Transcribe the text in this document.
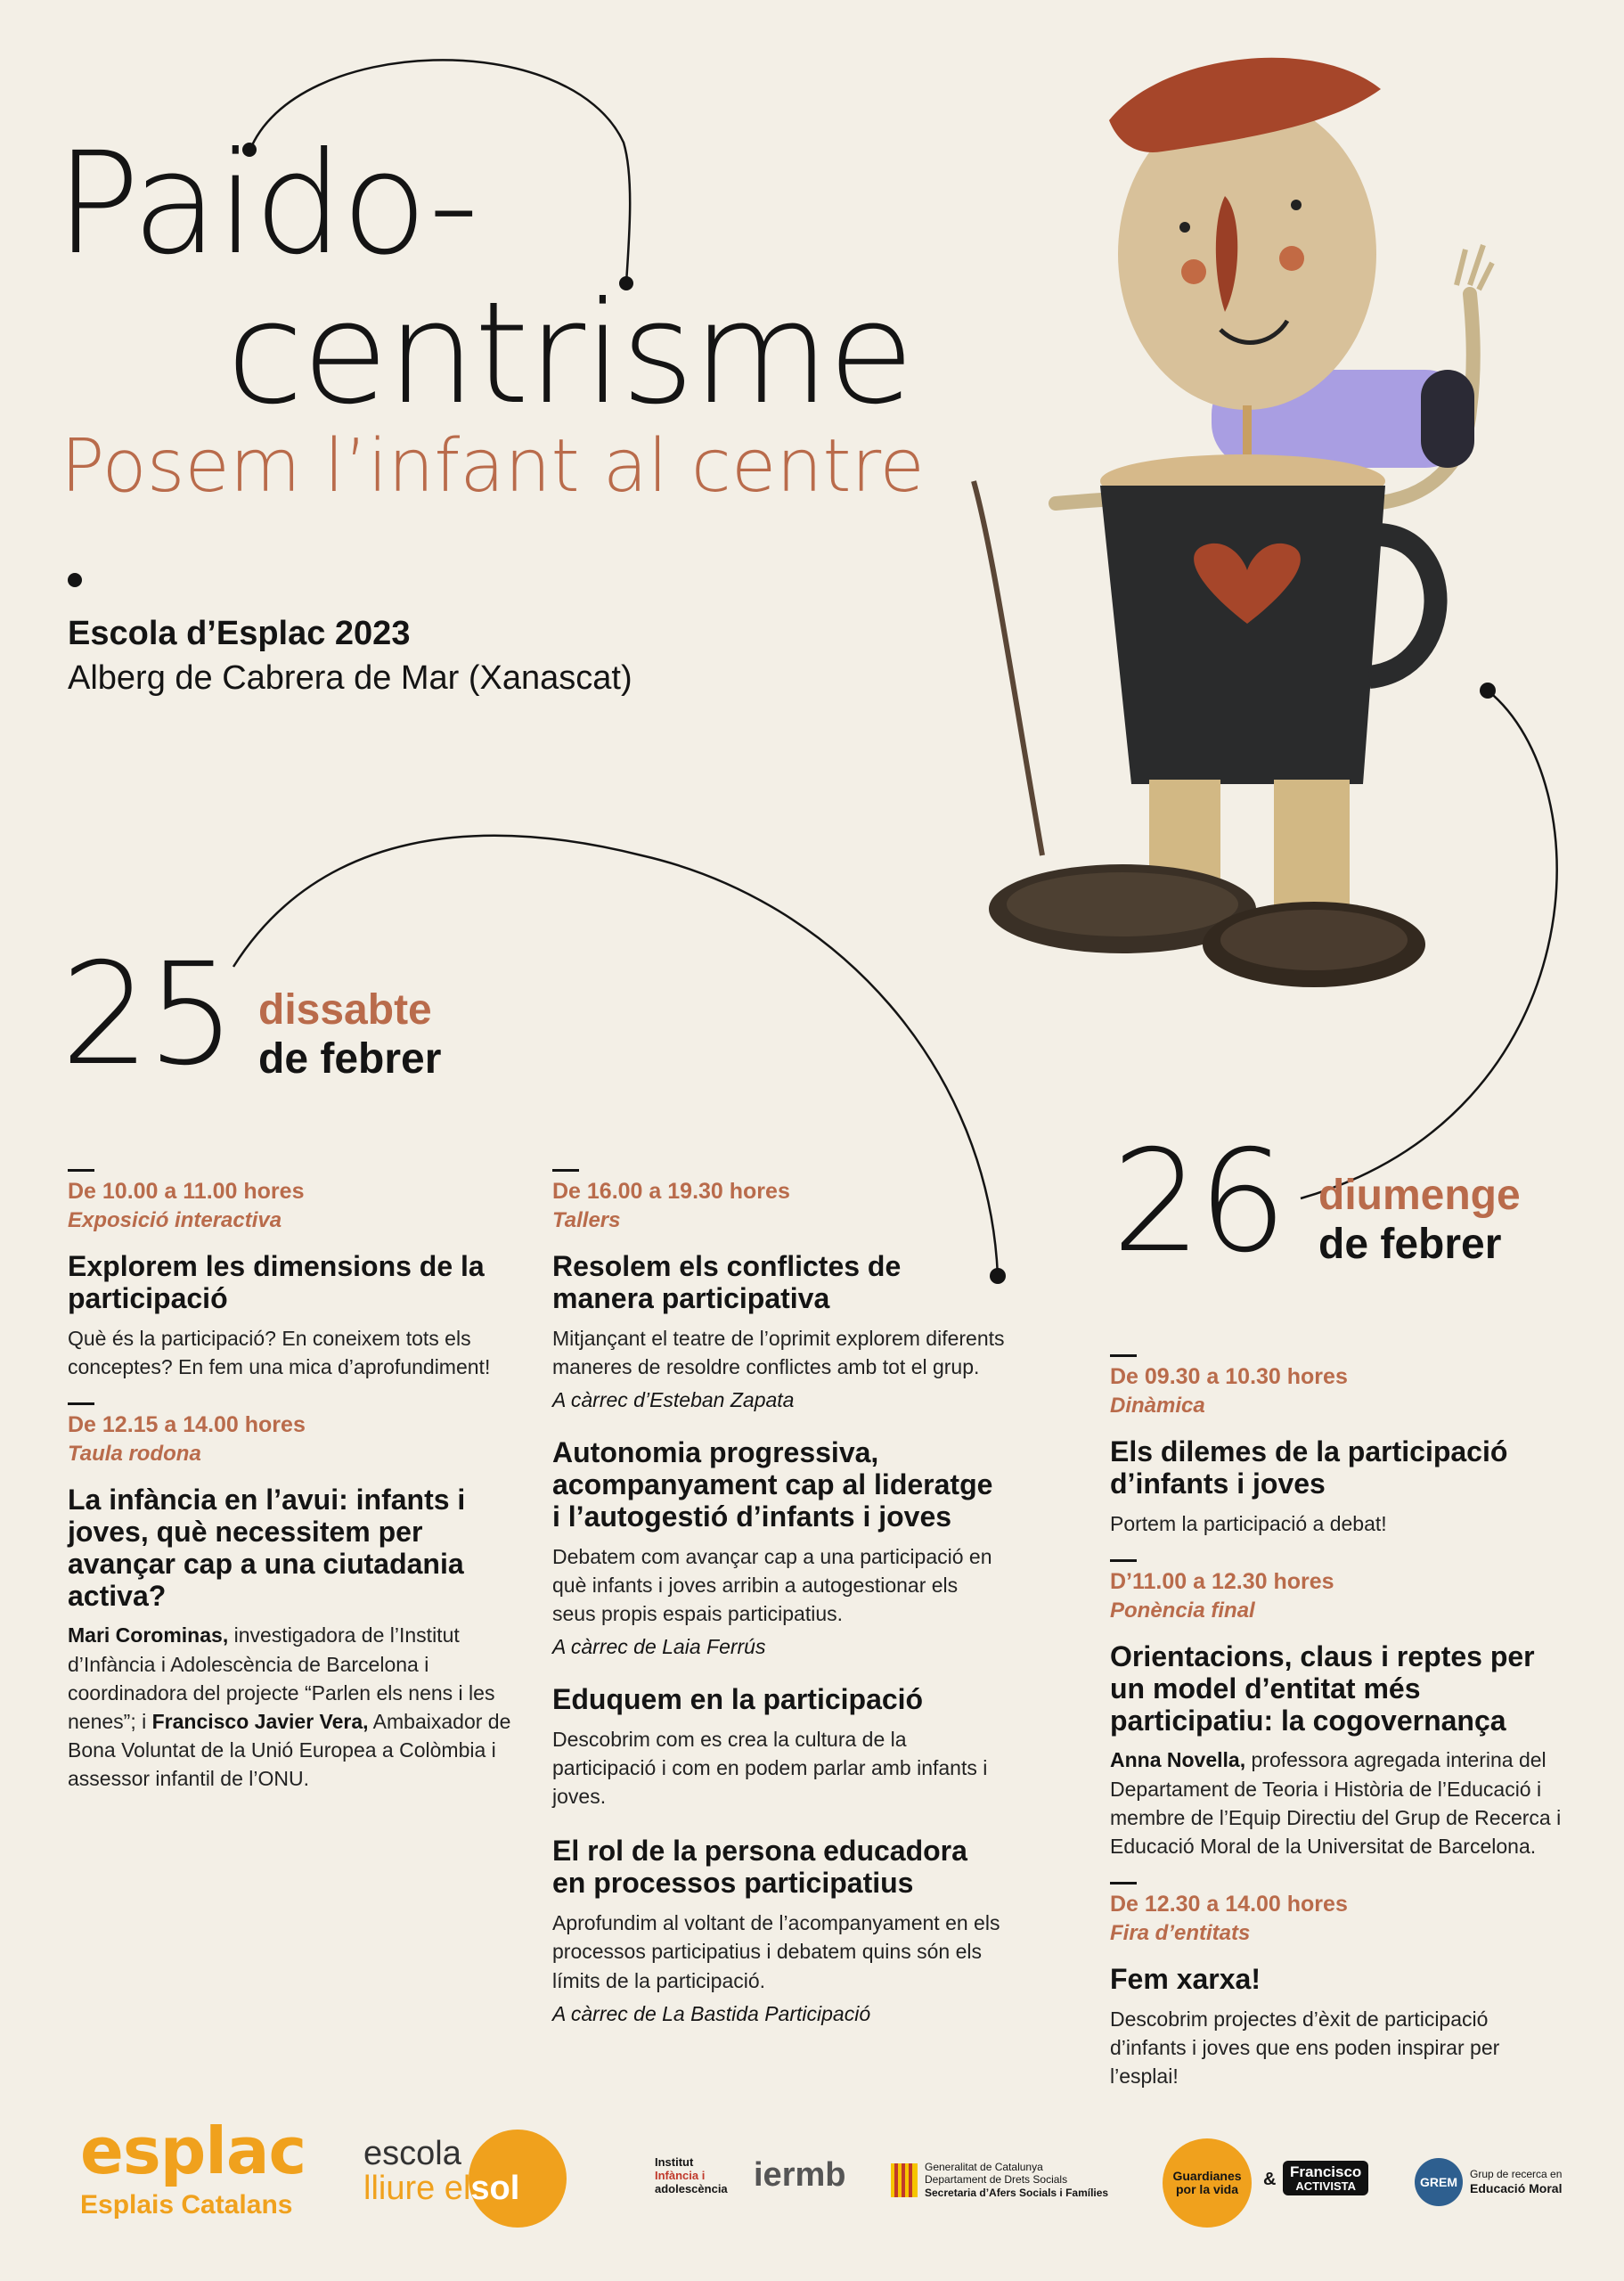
Paido-
centrisme
Posem l’infant al centre
Escola d’Esplac 2023
Alberg de Cabrera de Mar (Xanascat)
25 dissabte
de febrer
26 diumenge
de febrer
De 10.00 a 11.00 hores
Exposició interactiva
Explorem les dimensions de la participació
Què és la participació? En coneixem tots els conceptes? En fem una mica d’aprofundiment!
De 12.15 a 14.00 hores
Taula rodona
La infància en l’avui: infants i joves, què necessitem per avançar cap a una ciutadania activa?
Mari Corominas, investigadora de l’Institut d’Infància i Adolescència de Barcelona i coordinadora del projecte “Parlen els nens i les nenes”; i Francisco Javier Vera, Ambaixador de Bona Voluntat de la Unió Europea a Colòmbia i assessor infantil de l’ONU.
De 16.00 a 19.30 hores
Tallers
Resolem els conflictes de manera participativa
Mitjançant el teatre de l’oprimit explorem diferents maneres de resoldre conflictes amb tot el grup.
A càrrec d’Esteban Zapata
Autonomia progressiva, acompanyament cap al lideratge i l’autogestió d’infants i joves
Debatem com avançar cap a una participació en què infants i joves arribin a autogestionar els seus propis espais participatius.
A càrrec de Laia Ferrús
Eduquem en la participació
Descobrim com es crea la cultura de la participació i com en podem parlar amb infants i joves.
El rol de la persona educadora en processos participatius
Aprofundim al voltant de l’acompanyament en els processos participatius i debatem quins són els límits de la participació.
A càrrec de La Bastida Participació
De 09.30 a 10.30 hores
Dinàmica
Els dilemes de la participació d’infants i joves
Portem la participació a debat!
D’11.00 a 12.30 hores
Ponència final
Orientacions, claus i reptes per un model d’entitat més participatiu: la cogovernança
Anna Novella, professora agregada interina del Departament de Teoria i Història de l’Educació i membre de l’Equip Directiu del Grup de Recerca i Educació Moral de la Universitat de Barcelona.
De 12.30 a 14.00 hores
Fira d’entitats
Fem xarxa!
Descobrim projectes d’èxit de participació d’infants i joves que ens poden inspirar per l’esplai!
esplac
Esplais Catalans
escola
lliure elsol
Institut
Infància i
adolescència iermb	Generalitat de Catalunya
Departament de Drets Socials
Secretaria d’Afers Socials i Famílies
Guardianes por la vida	& Francisco
ACTIVISTA	GREM
Grup de recerca en
Educació Moral
